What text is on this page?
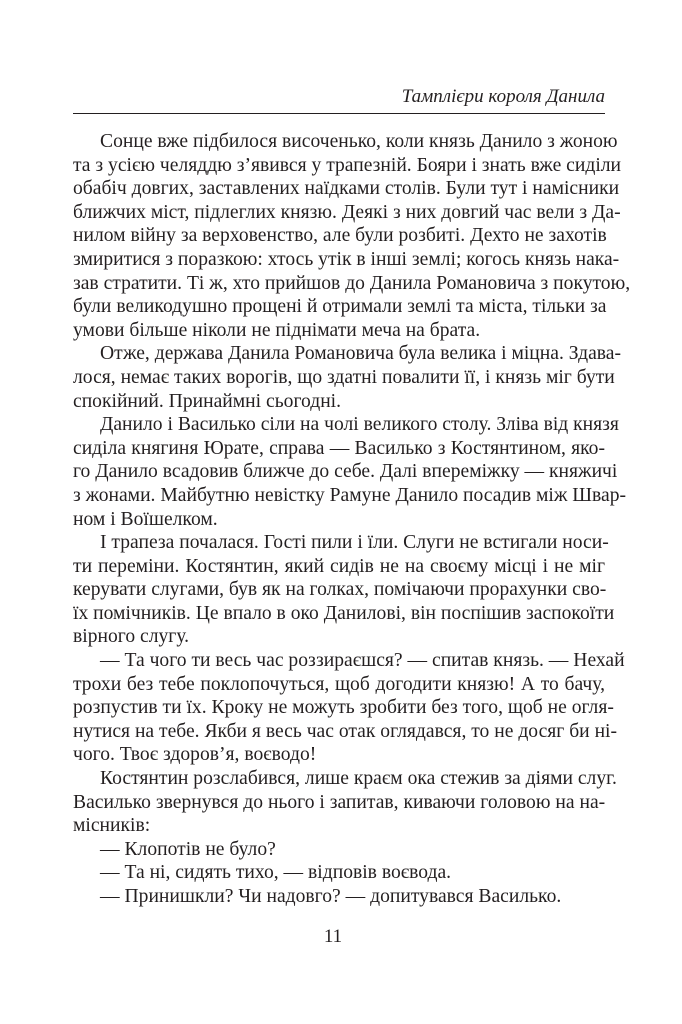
Тамплієри короля Данила
Сонце вже підбилося височенько, коли князь Данило з жоною
та з усією челяддю з’явився у трапезній. Бояри і знать вже сиділи
обабіч довгих, заставлених наїдками столів. Були тут і намісники
ближчих міст, підлеглих князю. Деякі з них довгий час вели з Да-
нилом війну за верховенство, але були розбиті. Дехто не захотів
змиритися з поразкою: хтось утік в інші землі; когось князь нака-
зав стратити. Ті ж, хто прийшов до Данила Романовича з покутою,
були великодушно прощені й отримали землі та міста, тільки за
умови більше ніколи не піднімати меча на брата.
Отже, держава Данила Романовича була велика і міцна. Здава-
лося, немає таких ворогів, що здатні повалити її, і князь міг бути
спокійний. Принаймні сьогодні.
Данило і Василько сіли на чолі великого столу. Зліва від князя
сиділа княгиня Юрате, справа — Василько з Костянтином, яко-
го Данило всадовив ближче до себе. Далі впереміжку — княжичі
з жонами. Майбутню невістку Рамуне Данило посадив між Швар-
ном і Воїшелком.
І трапеза почалася. Гості пили і їли. Слуги не встигали носи-
ти переміни. Костянтин, який сидів не на своєму місці і не міг
керувати слугами, був як на голках, помічаючи прорахунки сво-
їх помічників. Це впало в око Данилові, він поспішив заспокоїти
вірного слугу.
— Та чого ти весь час роззираєшся? — спитав князь. — Нехай
трохи без тебе поклопочуться, щоб догодити князю! А то бачу,
розпустив ти їх. Кроку не можуть зробити без того, щоб не огля-
нутися на тебе. Якби я весь час отак оглядався, то не досяг би ні-
чого. Твоє здоров’я, воєводо!
Костянтин розслабився, лише краєм ока стежив за діями слуг.
Василько звернувся до нього і запитав, киваючи головою на на-
місників:
— Клопотів не було?
— Та ні, сидять тихо, — відповів воєвода.
— Принишкли? Чи надовго? — допитувався Василько.
11
